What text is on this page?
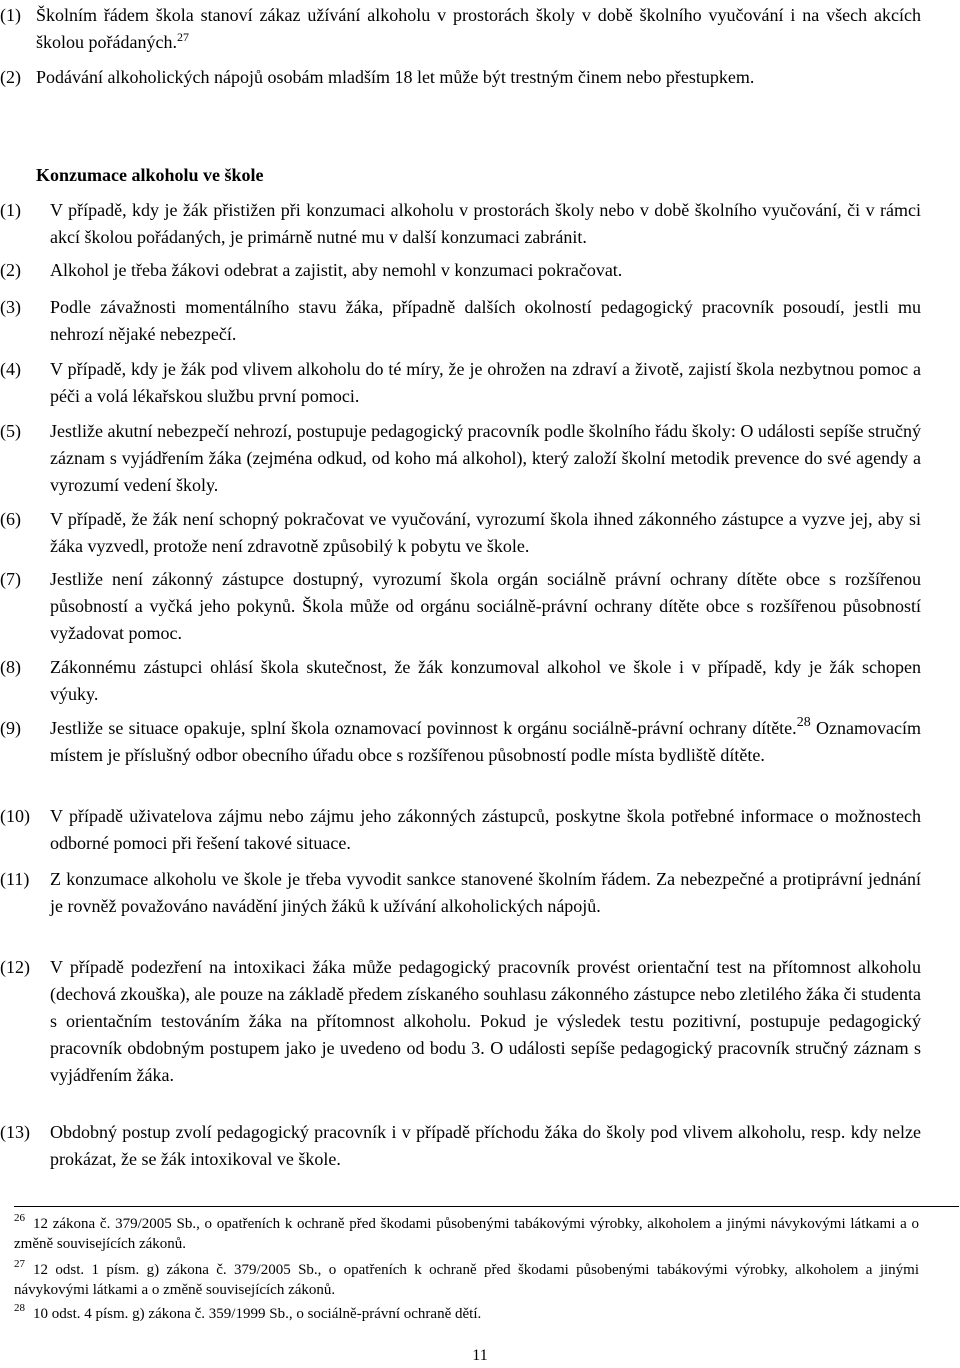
(1) Školním řádem škola stanoví zákaz užívání alkoholu v prostorách školy v době školního vyučování i na všech akcích školou pořádaných.$^{27}$
(2) Podávání alkoholických nápojů osobám mladším 18 let může být trestným činem nebo přestupkem.
Konzumace alkoholu ve škole
(1)	V případě, kdy je žák přistižen při konzumaci alkoholu v prostorách školy nebo v době školního vyučování, či v rámci akcí školou pořádaných, je primárně nutné mu v další konzumaci zabránit.
(2)	Alkohol je třeba žákovi odebrat a zajistit, aby nemohl v konzumaci pokračovat.
(3)	Podle závažnosti momentálního stavu žáka, případně dalších okolností pedagogický pracovník posoudí, jestli mu nehrozí nějaké nebezpečí.
(4)	V případě, kdy je žák pod vlivem alkoholu do té míry, že je ohrožen na zdraví a životě, zajistí škola nezbytnou pomoc a péči a volá lékařskou službu první pomoci.
(5)	Jestliže akutní nebezpečí nehrozí, postupuje pedagogický pracovník podle školního řádu školy: O události sepíše stručný záznam s vyjádřením žáka (zejména odkud, od koho má alkohol), který založí školní metodik prevence do své agendy a vyrozumí vedení školy.
(6)	V případě, že žák není schopný pokračovat ve vyučování, vyrozumí škola ihned zákonného zástupce a vyzve jej, aby si žáka vyzvedl, protože není zdravotně způsobilý k pobytu ve škole.
(7)	Jestliže není zákonný zástupce dostupný, vyrozumí škola orgán sociálně právní ochrany dítěte obce s rozšířenou působností a vyčká jeho pokynů. Škola může od orgánu sociálně-právní ochrany dítěte obce s rozšířenou působností vyžadovat pomoc.
(8)	Zákonnému zástupci ohlásí škola skutečnost, že žák konzumoval alkohol ve škole i v případě, kdy je žák schopen výuky.
(9)	Jestliže se situace opakuje, splní škola oznamovací povinnost k orgánu sociálně-právní ochrany dítěte.$^{28}$ Oznamovacím místem je příslušný odbor obecního úřadu obce s rozšířenou působností podle místa bydliště dítěte.
(10)	V případě uživatelova zájmu nebo zájmu jeho zákonných zástupců, poskytne škola potřebné informace o možnostech odborné pomoci při řešení takové situace.
(11)	Z konzumace alkoholu ve škole je třeba vyvodit sankce stanovené školním řádem. Za nebezpečné a protiprávní jednání je rovněž považováno navádění jiných žáků k užívání alkoholických nápojů.
(12)	V případě podezření na intoxikaci žáka může pedagogický pracovník provést orientační test na přítomnost alkoholu (dechová zkouška), ale pouze na základě předem získaného souhlasu zákonného zástupce nebo zletilého žáka či studenta s orientačním testováním žáka na přítomnost alkoholu. Pokud je výsledek testu pozitivní, postupuje pedagogický pracovník obdobným postupem jako je uvedeno od bodu 3. O události sepíše pedagogický pracovník stručný záznam s vyjádřením žáka.
(13)	Obdobný postup zvolí pedagogický pracovník i v případě příchodu žáka do školy pod vlivem alkoholu, resp. kdy nelze prokázat, že se žák intoxikoval ve škole.
$^{26}$ 12 zákona č. 379/2005 Sb., o opatřeních k ochraně před škodami působenými tabákovými výrobky, alkoholem a jinými návykovými látkami a o změně souvisejících zákonů.
$^{27}$ 12 odst. 1 písm. g) zákona č. 379/2005 Sb., o opatřeních k ochraně před škodami působenými tabákovými výrobky, alkoholem a jinými návykovými látkami a o změně souvisejících zákonů.
$^{28}$ 10 odst. 4 písm. g) zákona č. 359/1999 Sb., o sociálně-právní ochraně dětí.
11
